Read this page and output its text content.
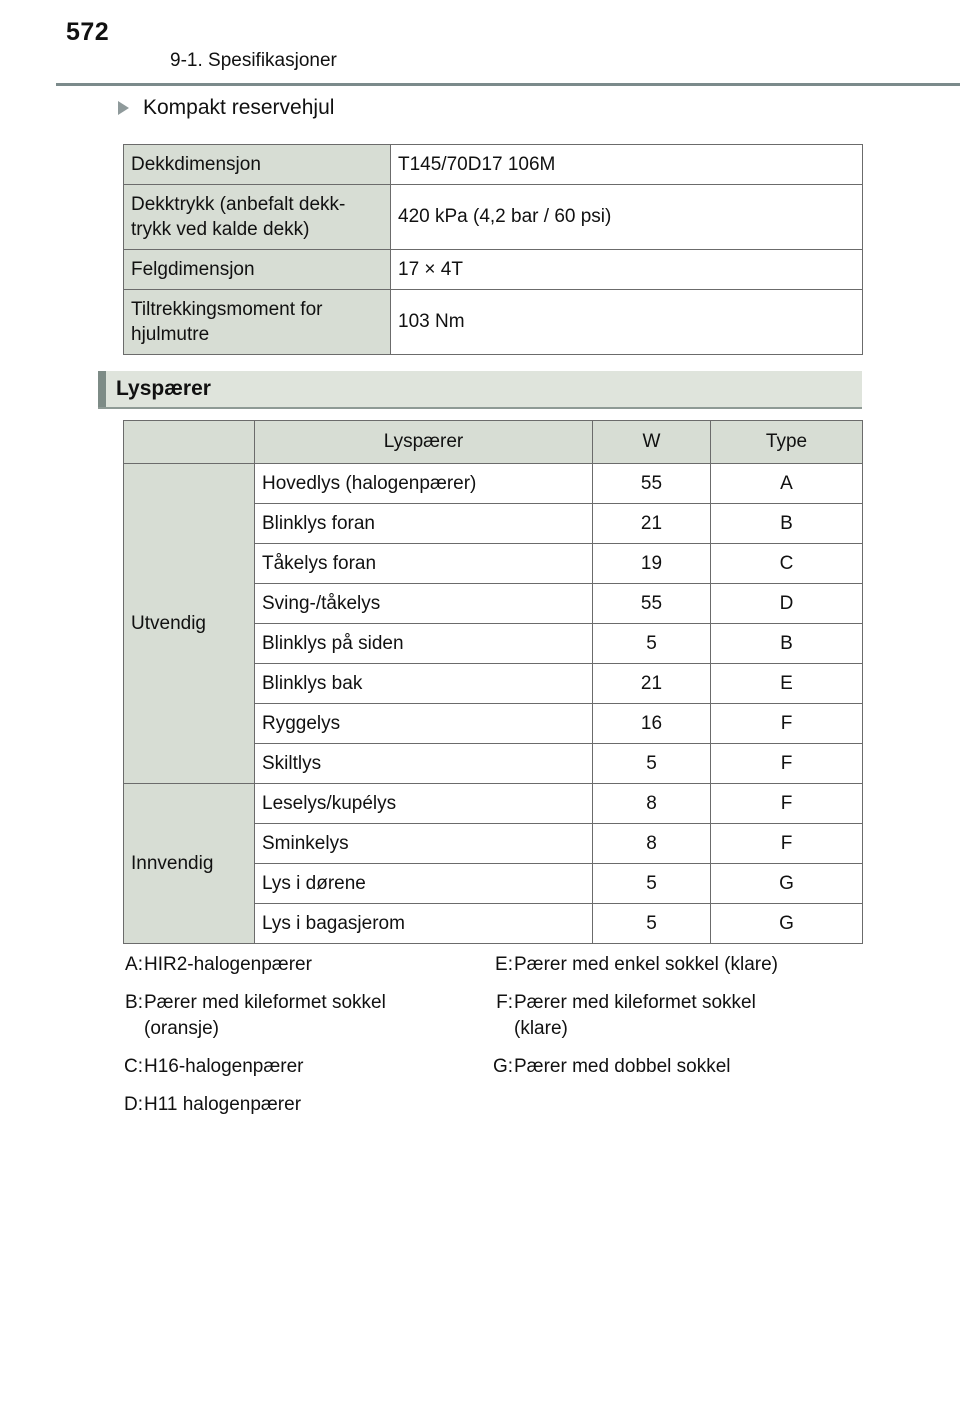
572
9-1. Spesifikasjoner
Kompakt reservehjul
Dekkdimensjon	T145/70D17 106M
Dekktrykk (anbefalt dekk-
trykk ved kalde dekk)	420 kPa (4,2 bar / 60 psi)
Felgdimensjon	17 × 4T
Tiltrekkingsmoment for
hjulmutre	103 Nm
Lyspærer
	Lyspærer	W	Type
Utvendig	Hovedlys (halogenpærer)	55	A
	Blinklys foran	21	B
	Tåkelys foran	19	C
	Sving-/tåkelys	55	D
	Blinklys på siden	5	B
	Blinklys bak	21	E
	Ryggelys	16	F
	Skiltlys	5	F
Innvendig	Leselys/kupélys	8	F
	Sminkelys	8	F
	Lys i dørene	5	G
	Lys i bagasjerom	5	G
A: HIR2-halogenpærer
B: Pærer med kileformet sokkel
(oransje)
C: H16-halogenpærer
D: H11 halogenpærer
E: Pærer med enkel sokkel (klare)
F: Pærer med kileformet sokkel
(klare)
G: Pærer med dobbel sokkel
